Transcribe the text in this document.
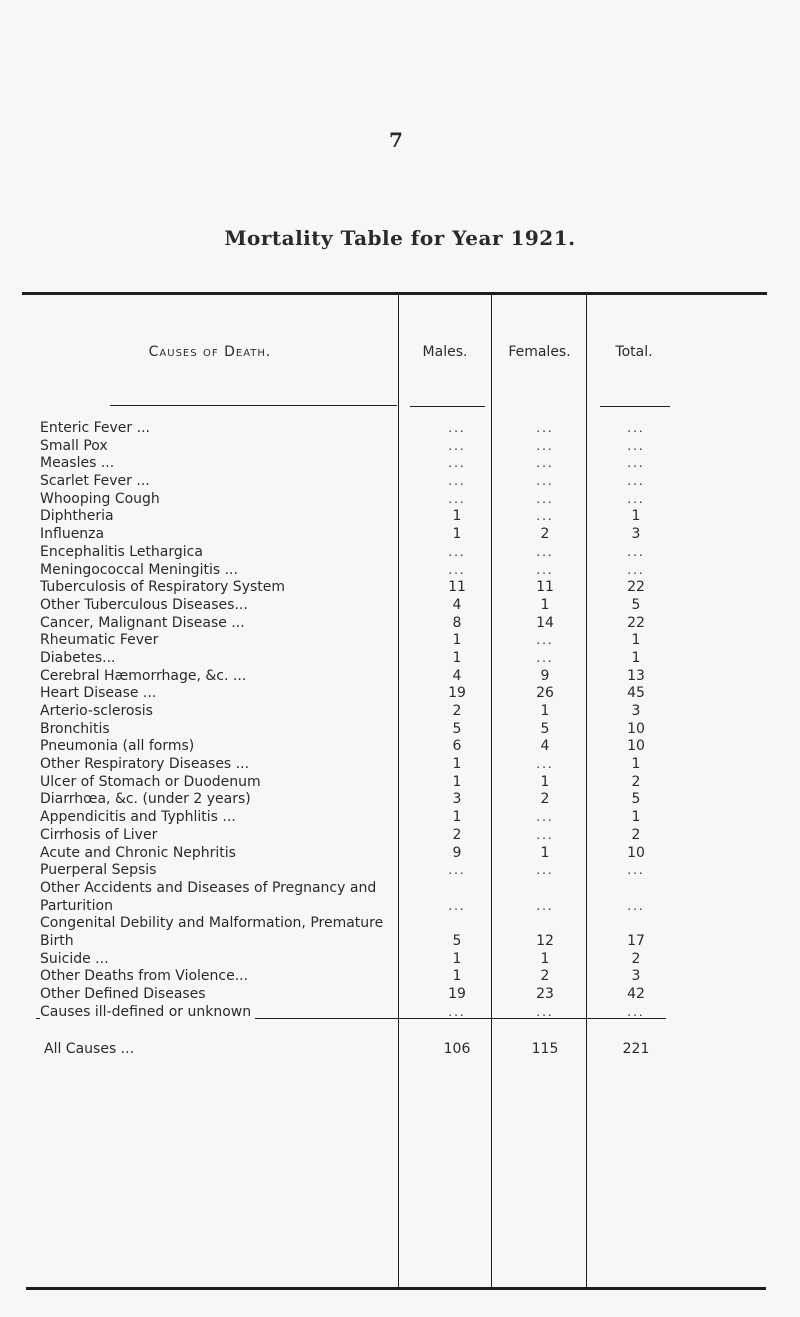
7
Mortality Table for Year 1921.
Causes of Death.	Males.	Females.	Total.
Enteric Fever ...	...	...	...
Small Pox	...	...	...
Measles ...	...	...	...
Scarlet Fever ...	...	...	...
Whooping Cough	...	...	...
Diphtheria	1	...	1
Influenza	1	2	3
Encephalitis Lethargica	...	...	...
Meningococcal Meningitis ...	...	...	...
Tuberculosis of Respiratory System	11	11	22
Other Tuberculous Diseases...	4	1	5
Cancer, Malignant Disease ...	8	14	22
Rheumatic Fever	1	...	1
Diabetes...	1	...	1
Cerebral Hæmorrhage, &c. ...	4	9	13
Heart Disease ...	19	26	45
Arterio-sclerosis	2	1	3
Bronchitis	5	5	10
Pneumonia (all forms)	6	4	10
Other Respiratory Diseases ...	1	...	1
Ulcer of Stomach or Duodenum	1	1	2
Diarrhœa, &c. (under 2 years)	3	2	5
Appendicitis and Typhlitis ...	1	...	1
Cirrhosis of Liver	2	...	2
Acute and Chronic Nephritis	9	1	10
Puerperal Sepsis	...	...	...
Other Accidents and Diseases of Pregnancy and Parturition	...	...	...
Congenital Debility and Malformation, Premature Birth	5	12	17
Suicide ...	1	1	2
Other Deaths from Violence...	1	2	3
Other Defined Diseases	19	23	42
Causes ill-defined or unknown	...	...	...
All Causes ...	106	115	221
